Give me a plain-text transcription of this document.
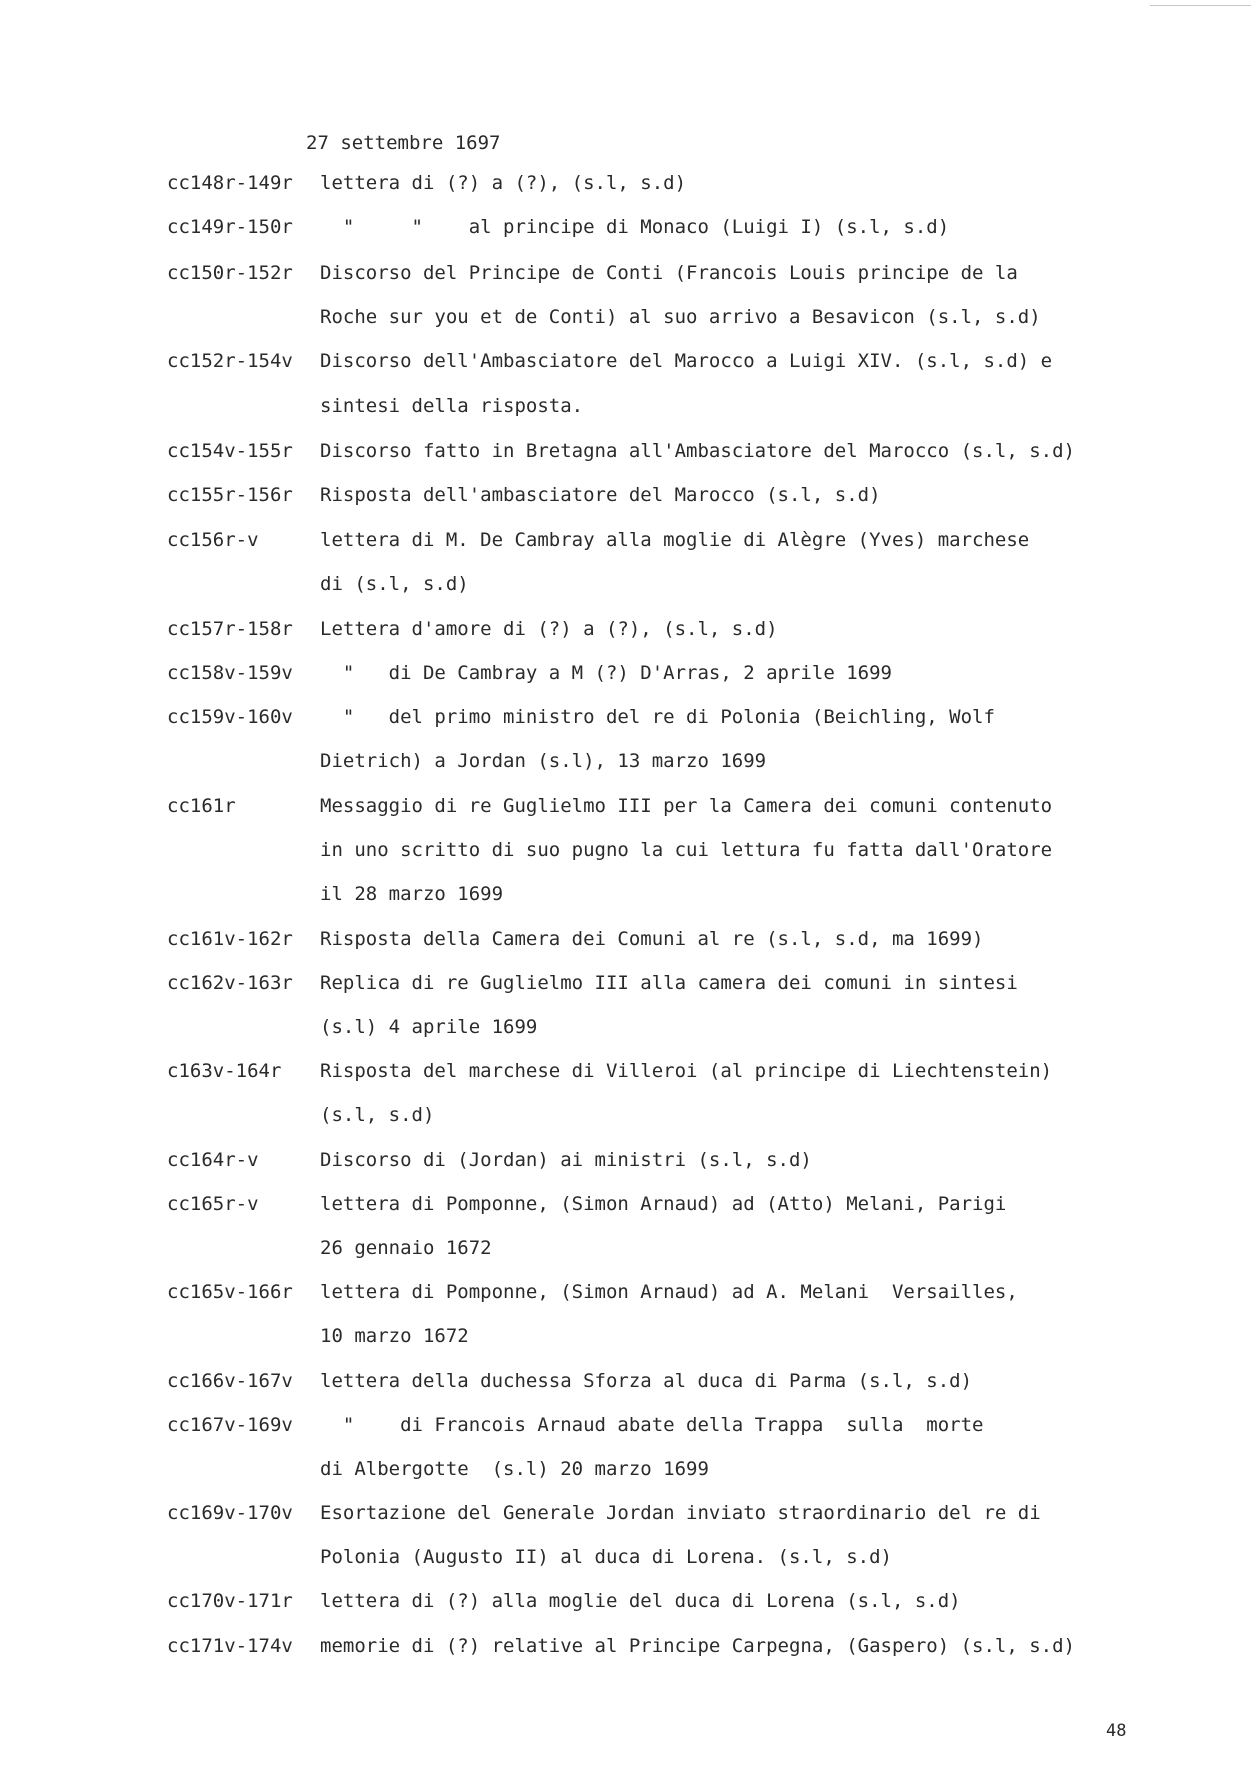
27 settembre 1697
cc148r-149r lettera di (?) a (?), (s.l, s.d)
cc149r-150r "     "    al principe di Monaco (Luigi I) (s.l, s.d)
cc150r-152r Discorso del Principe de Conti (Francois Louis principe de la
Roche sur you et de Conti) al suo arrivo a Besavicon (s.l, s.d)
cc152r-154v Discorso dell'Ambasciatore del Marocco a Luigi XIV. (s.l, s.d) e
sintesi della risposta.
cc154v-155r Discorso fatto in Bretagna all'Ambasciatore del Marocco (s.l, s.d)
cc155r-156r Risposta dell'ambasciatore del Marocco (s.l, s.d)
cc156r-v	lettera di M. De Cambray alla moglie di Alègre (Yves) marchese
di (s.l, s.d)
cc157r-158r Lettera d'amore di (?) a (?), (s.l, s.d)
cc158v-159v "   di De Cambray a M (?) D'Arras, 2 aprile 1699
cc159v-160v "   del primo ministro del re di Polonia (Beichling, Wolf
Dietrich) a Jordan (s.l), 13 marzo 1699
cc161r	Messaggio di re Guglielmo III per la Camera dei comuni contenuto
in uno scritto di suo pugno la cui lettura fu fatta dall'Oratore
il 28 marzo 1699
cc161v-162r Risposta della Camera dei Comuni al re (s.l, s.d, ma 1699)
cc162v-163r Replica di re Guglielmo III alla camera dei comuni in sintesi
(s.l) 4 aprile 1699
c163v-164r Risposta del marchese di Villeroi (al principe di Liechtenstein)
(s.l, s.d)
cc164r-v	Discorso di (Jordan) ai ministri (s.l, s.d)
cc165r-v	lettera di Pomponne, (Simon Arnaud) ad (Atto) Melani, Parigi
26 gennaio 1672
cc165v-166r lettera di Pomponne, (Simon Arnaud) ad A. Melani  Versailles,
10 marzo 1672
cc166v-167v lettera della duchessa Sforza al duca di Parma (s.l, s.d)
cc167v-169v "    di Francois Arnaud abate della Trappa  sulla  morte
di Albergotte  (s.l) 20 marzo 1699
cc169v-170v Esortazione del Generale Jordan inviato straordinario del re di
Polonia (Augusto II) al duca di Lorena. (s.l, s.d)
cc170v-171r lettera di (?) alla moglie del duca di Lorena (s.l, s.d)
cc171v-174v memorie di (?) relative al Principe Carpegna, (Gaspero) (s.l, s.d)
48
